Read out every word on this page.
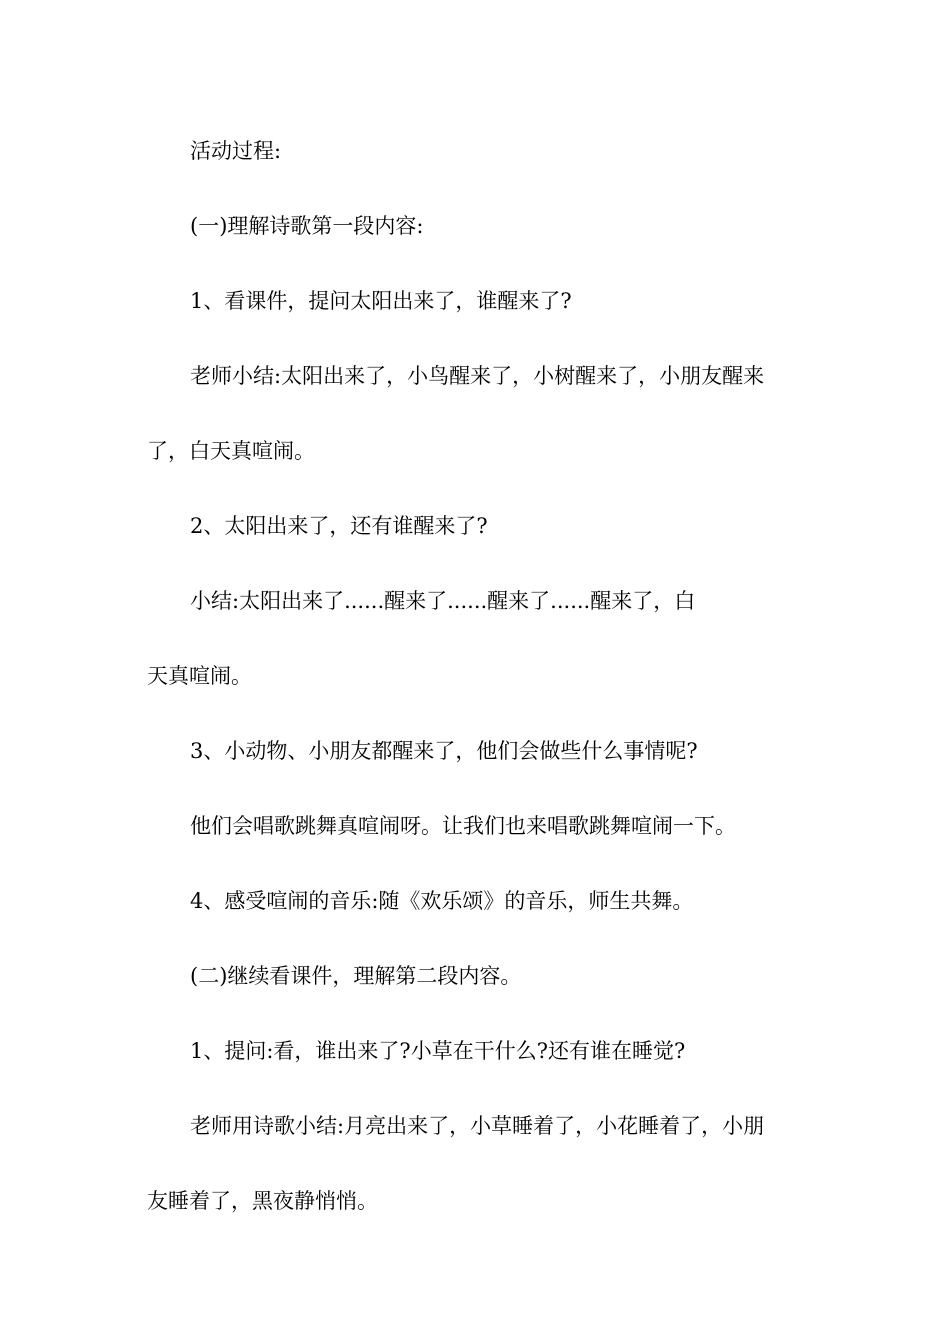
活动过程:
(一)理解诗歌第一段内容:
1、看课件，提问太阳出来了，谁醒来了?
老师小结:太阳出来了，小鸟醒来了，小树醒来了，小朋友醒来
了，白天真喧闹。
2、太阳出来了，还有谁醒来了?
小结:太阳出来了......醒来了......醒来了......醒来了，白
天真喧闹。
3、小动物、小朋友都醒来了，他们会做些什么事情呢?
他们会唱歌跳舞真喧闹呀。让我们也来唱歌跳舞喧闹一下。
4、感受喧闹的音乐:随《欢乐颂》的音乐，师生共舞。
(二)继续看课件，理解第二段内容。
1、提问:看，谁出来了?小草在干什么?还有谁在睡觉?
老师用诗歌小结:月亮出来了，小草睡着了，小花睡着了，小朋
友睡着了，黑夜静悄悄。
